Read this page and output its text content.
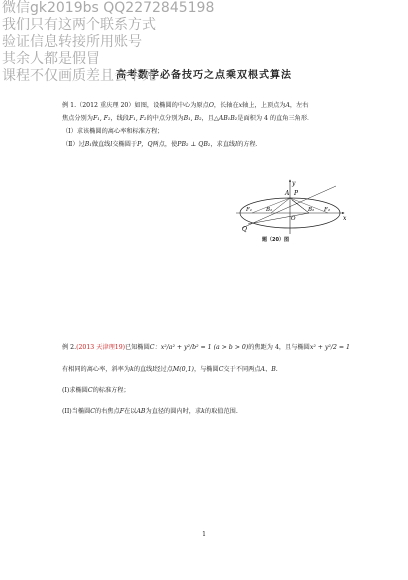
微信gk2019bs QQ2272845198
我们只有这两个联系方式
验证信息转接所用账号
其余人都是假冒
课程不仅画质差且会卡死
高考数学必备技巧之点乘双根式算法
例 1.（2012 重庆理 20）如图，设椭圆的中心为原点O，长轴在x轴上，上顶点为A，左右
焦点分别为F₁, F₂，线段F₁, F₂的中点分别为B₁, B₂，且△AB₁B₂是面积为 4 的直角三角形．
（Ⅰ）求该椭圆的离心率和标准方程；
（Ⅱ）过B₁做直线l交椭圆于P，Q两点，使PB₂ ⊥ QB₂，求直线l的方程．
y
x
A P
O
F₁	F₂
B₁	B₂
Q
题（20）图
例 2.(2013 天津理19)已知椭圆C：x²/a² + y²/b² = 1 (a > b > 0)的焦距为 4，且与椭圆x² + y²/2 = 1
有相同的离心率，斜率为k的直线l经过点M(0,1)，与椭圆C交于不同两点A、B.
(I)求椭圆C的标准方程；
(II)当椭圆C的右焦点F在以AB为直径的圆内时，求k的取值范围.
1
